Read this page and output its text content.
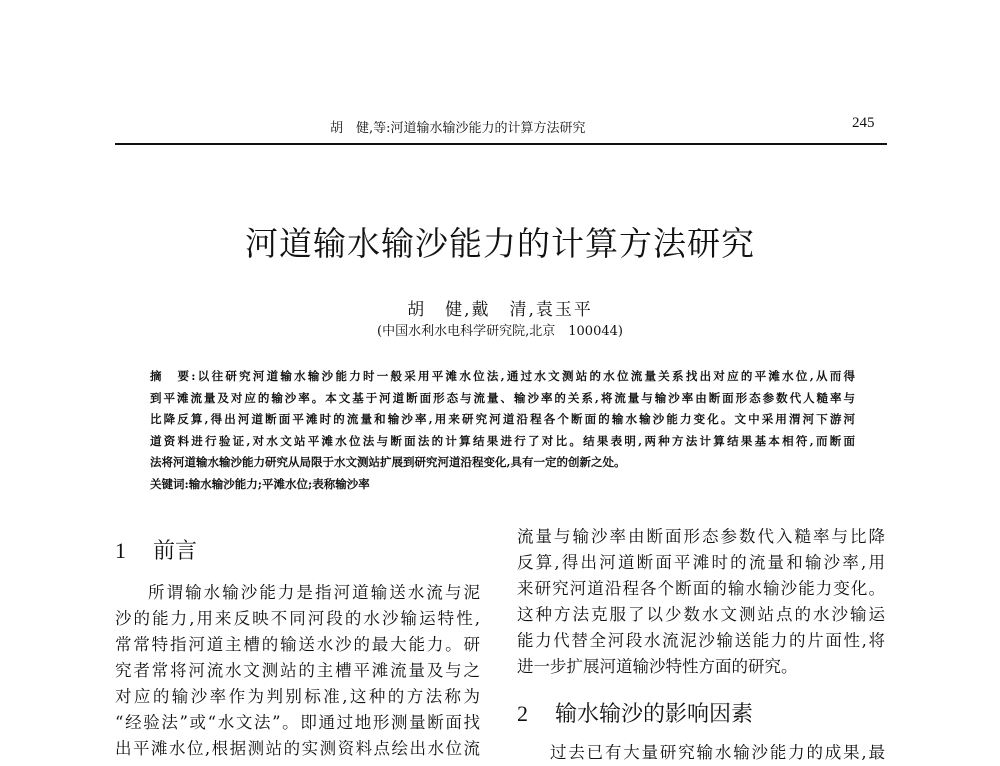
胡　健,等:河道输水输沙能力的计算方法研究	245
河道输水输沙能力的计算方法研究
胡　健,戴　清,袁玉平
(中国水利水电科学研究院,北京　100044)
摘　要:以往研究河道输水输沙能力时一般采用平滩水位法,通过水文测站的水位流量关系找出对应的平滩水位,从而得
到平滩流量及对应的输沙率。本文基于河道断面形态与流量、输沙率的关系,将流量与输沙率由断面形态参数代人糙率与
比降反算,得出河道断面平滩时的流量和输沙率,用来研究河道沿程各个断面的输水输沙能力变化。文中采用渭河下游河
道资料进行验证,对水文站平滩水位法与断面法的计算结果进行了对比。结果表明,两种方法计算结果基本相符,而断面
法将河道输水输沙能力研究从局限于水文测站扩展到研究河道沿程变化,具有一定的创新之处。
关键词:输水输沙能力;平滩水位;表称输沙率
1 前言
所谓输水输沙能力是指河道输送水流与泥
沙的能力,用来反映不同河段的水沙输运特性,
常常特指河道主槽的输送水沙的最大能力。研
究者常将河流水文测站的主槽平滩流量及与之
对应的输沙率作为判别标准,这种的方法称为
“经验法”或“水文法”。即通过地形测量断面找
出平滩水位,根据测站的实测资料点绘出水位流
流量与输沙率由断面形态参数代入糙率与比降
反算,得出河道断面平滩时的流量和输沙率,用
来研究河道沿程各个断面的输水输沙能力变化。
这种方法克服了以少数水文测站点的水沙输运
能力代替全河段水流泥沙输送能力的片面性,将
进一步扩展河道输沙特性方面的研究。
2 输水输沙的影响因素
过去已有大量研究输水输沙能力的成果,最
